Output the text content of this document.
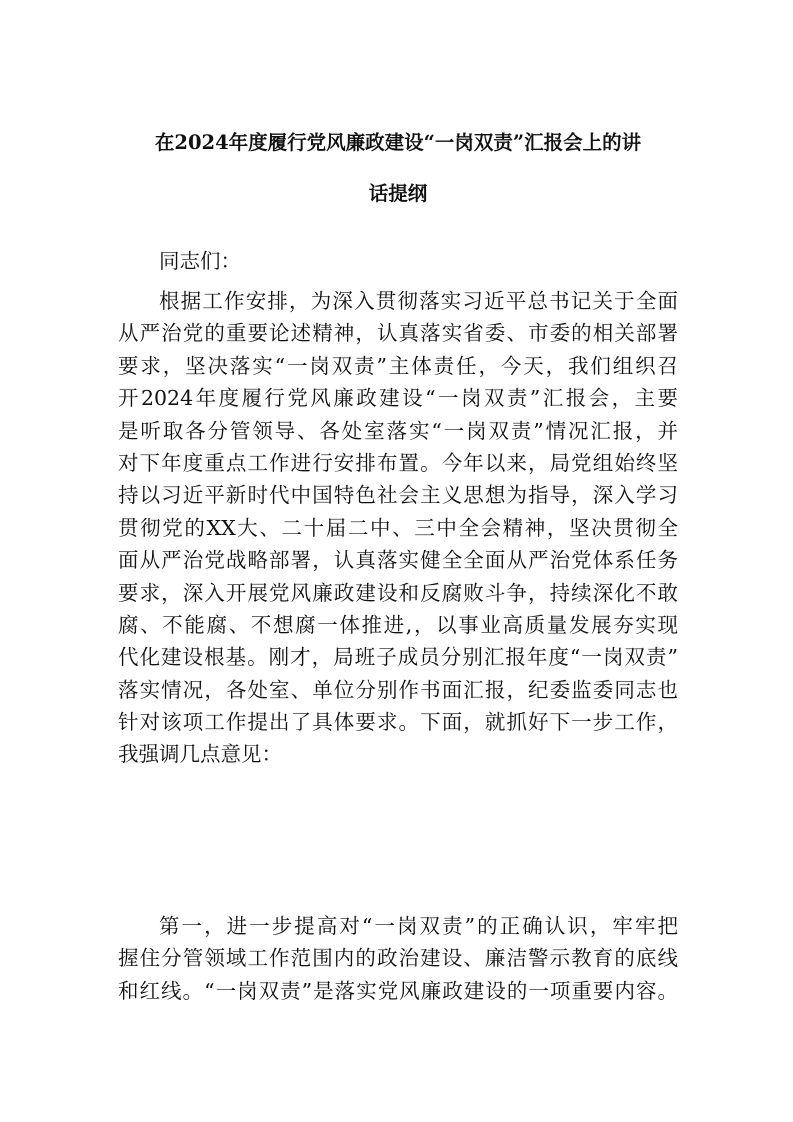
在2024年度履行党风廉政建设“一岗双责”汇报会上的讲
话提纲
同志们：
根据工作安排，为深入贯彻落实习近平总书记关于全面
从严治党的重要论述精神，认真落实省委、市委的相关部署
要求，坚决落实“一岗双责”主体责任，今天，我们组织召
开2024年度履行党风廉政建设“一岗双责”汇报会，主要
是听取各分管领导、各处室落实“一岗双责”情况汇报，并
对下年度重点工作进行安排布置。今年以来，局党组始终坚
持以习近平新时代中国特色社会主义思想为指导，深入学习
贯彻党的XX大、二十届二中、三中全会精神，坚决贯彻全
面从严治党战略部署，认真落实健全全面从严治党体系任务
要求，深入开展党风廉政建设和反腐败斗争，持续深化不敢
腐、不能腐、不想腐一体推进,，以事业高质量发展夯实现
代化建设根基。刚才，局班子成员分别汇报年度“一岗双责”
落实情况，各处室、单位分别作书面汇报，纪委监委同志也
针对该项工作提出了具体要求。下面，就抓好下一步工作，
我强调几点意见：
第一，进一步提高对“一岗双责”的正确认识，牢牢把
握住分管领域工作范围内的政治建设、廉洁警示教育的底线
和红线。“一岗双责”是落实党风廉政建设的一项重要内容。
